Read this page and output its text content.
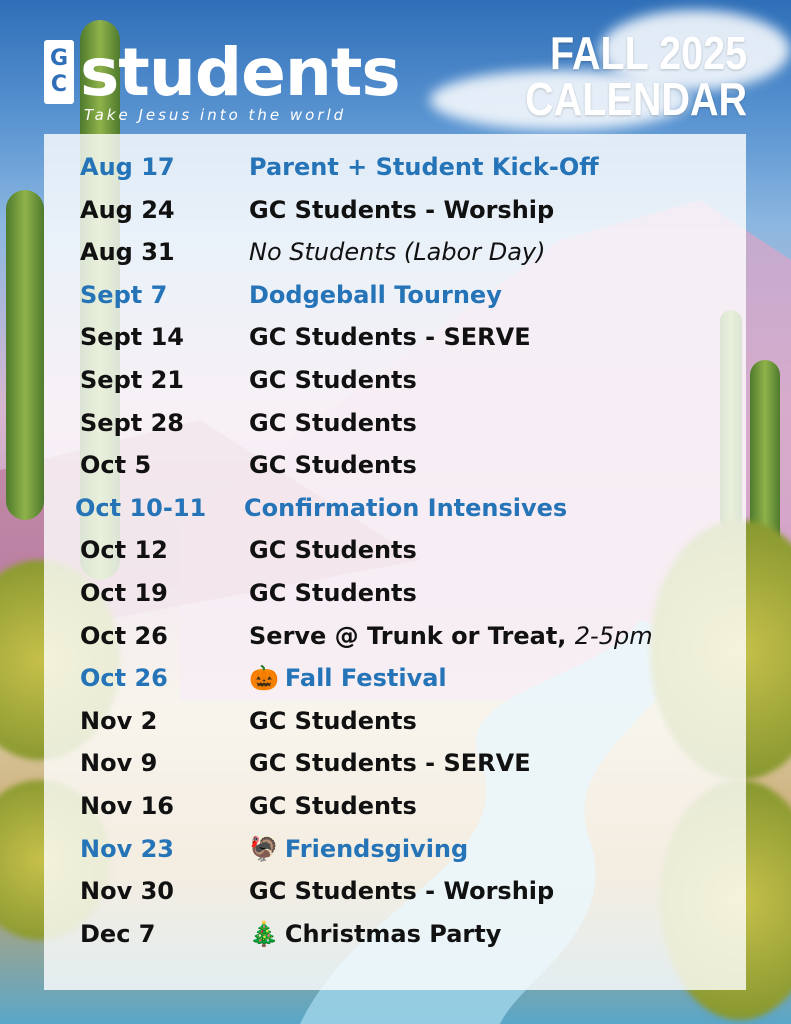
G
C students
Take Jesus into the world
FALL 2025
CALENDAR
Aug 17	Parent + Student Kick-Off
Aug 24	GC Students - Worship
Aug 31	No Students (Labor Day)
Sept 7	Dodgeball Tourney
Sept 14	GC Students - SERVE
Sept 21	GC Students
Sept 28	GC Students
Oct 5	GC Students
Oct 10-11 Confirmation Intensives
Oct 12	GC Students
Oct 19	GC Students
Oct 26	Serve @ Trunk or Treat, 2-5pm
Oct 26	🎃 Fall Festival
Nov 2	GC Students
Nov 9	GC Students - SERVE
Nov 16	GC Students
Nov 23	🦃 Friendsgiving
Nov 30	GC Students - Worship
Dec 7	🎄 Christmas Party
